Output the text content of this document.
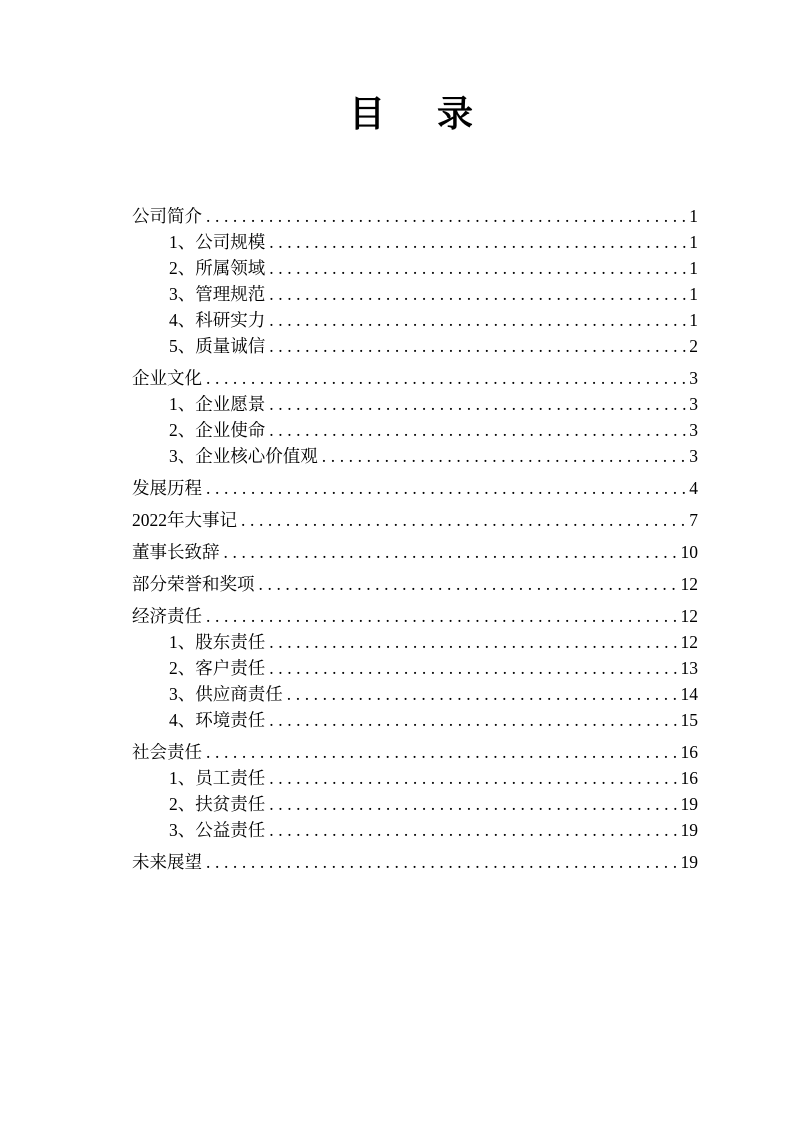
目　录
公司简介 .....	1
1、公司规模 .....	1
2、所属领域 .....	1
3、管理规范 .....	1
4、科研实力 .....	1
5、质量诚信 .....	2
企业文化 .....	3
1、企业愿景 .....	3
2、企业使命 .....	3
3、企业核心价值观 .....	3
发展历程 .....	4
2022年大事记 .....	7
董事长致辞 .....	10
部分荣誉和奖项 .....	12
经济责任 .....	12
1、股东责任 .....	12
2、客户责任 .....	13
3、供应商责任 .....	14
4、环境责任 .....	15
社会责任 .....	16
1、员工责任 .....	16
2、扶贫责任 .....	19
3、公益责任 .....	19
未来展望 .....	19
